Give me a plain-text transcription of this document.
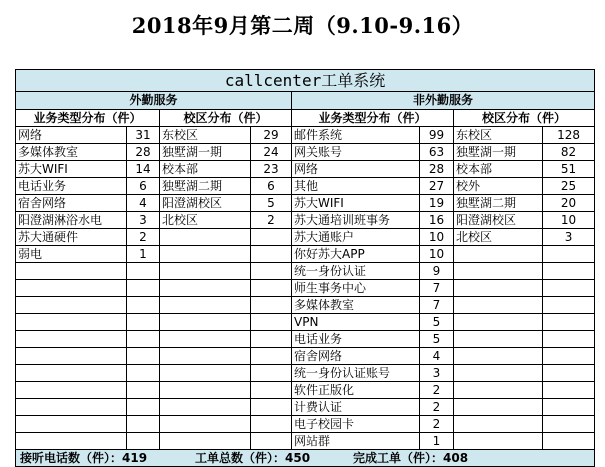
2018年9月第二周（9.10-9.16）
callcenter工单系统							
外勤服务				非外勤服务			
业务类型分布（件）		校区分布（件）		业务类型分布（件）		校区分布（件）	
网络	31	东校区	29	邮件系统	99	东校区	128
多媒体教室	28	独墅湖一期	24	网关账号	63	独墅湖一期	82
苏大WIFI	14	校本部	23	网络	28	校本部	51
电话业务	6	独墅湖二期	6	其他	27	校外	25
宿舍网络	4	阳澄湖校区	5	苏大WIFI	19	独墅湖二期	20
阳澄湖淋浴水电	3	北校区	2	苏大通培训班事务	16	阳澄湖校区	10
苏大通硬件	2			苏大通账户	10	北校区	3
弱电	1			你好苏大APP	10		
				统一身份认证	9		
				师生事务中心	7		
				多媒体教室	7		
				VPN	5		
				电话业务	5		
				宿舍网络	4		
				统一身份认证账号	3		
				软件正版化	2		
				计费认证	2		
				电子校园卡	2		
				网站群	1		
接听电话数（件）：419 工单总数（件）：450 完成工单（件）：408							
